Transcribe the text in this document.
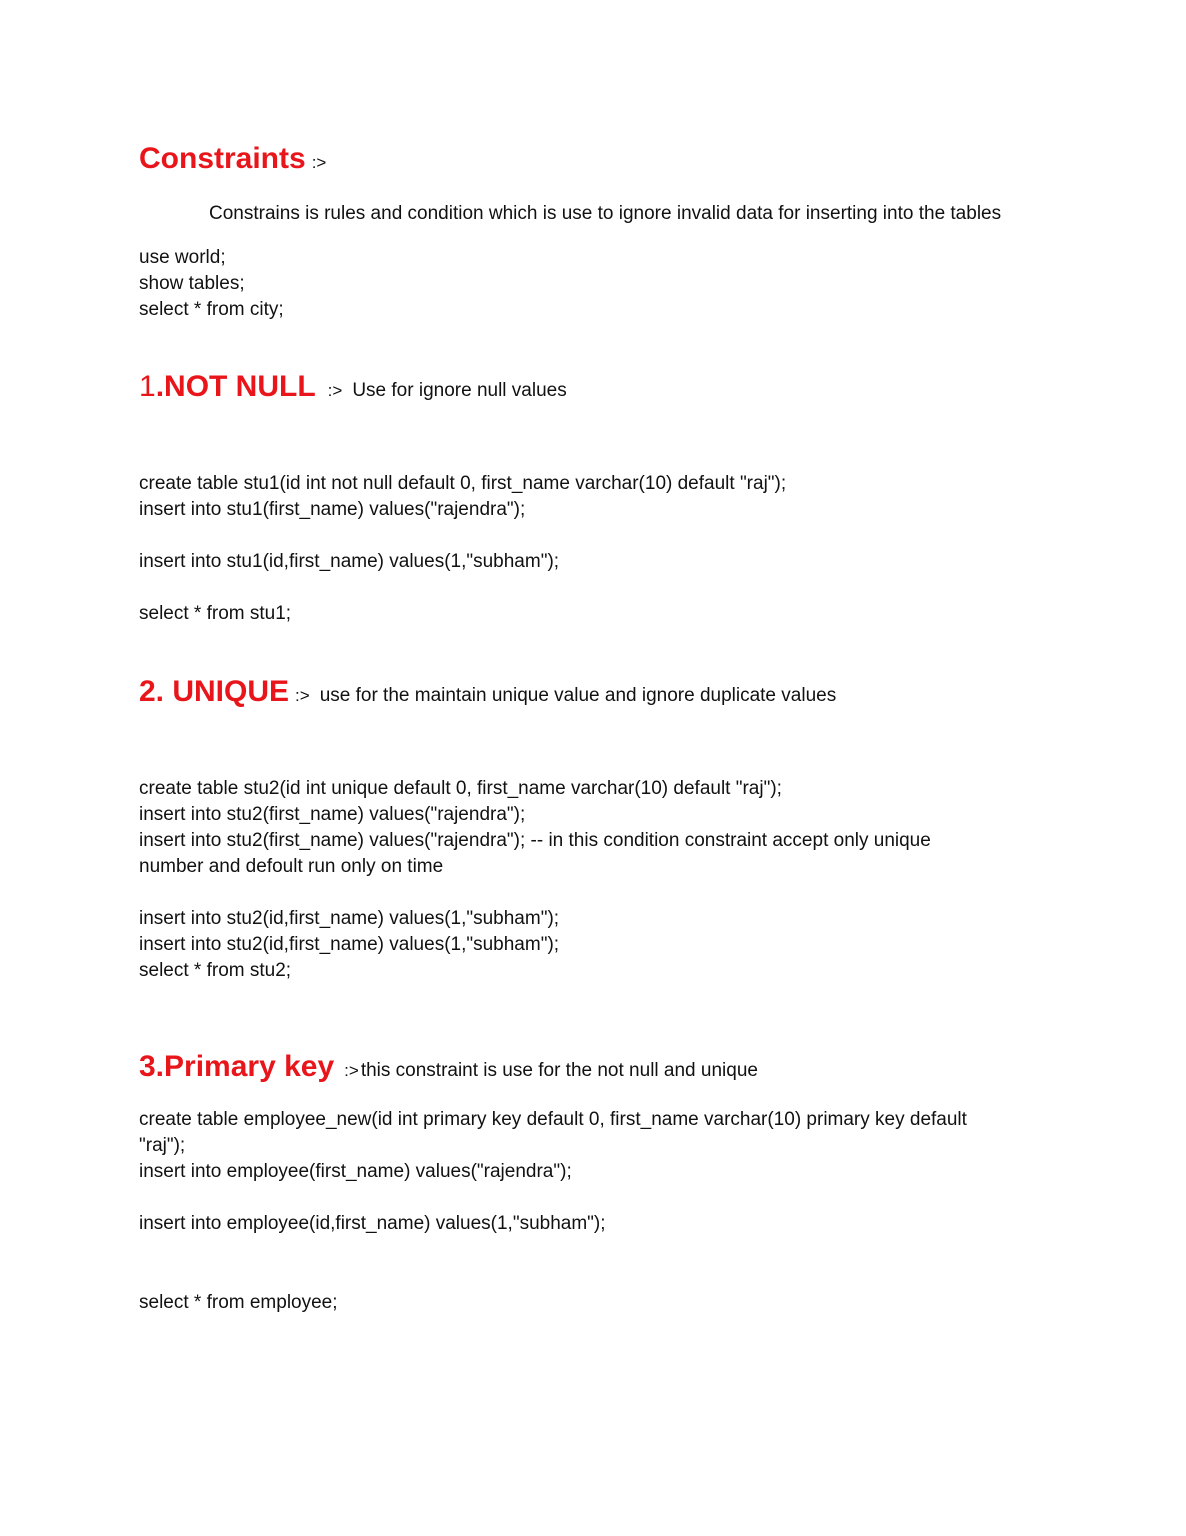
Constraints :>
Constrains is rules and condition which is use to ignore invalid data for inserting into the tables
use world;
show tables;
select * from city;
1 .NOT NULL :> Use for ignore null values
create table stu1(id int not null default 0, first_name varchar(10) default "raj");
insert into stu1(first_name) values("rajendra");
insert into stu1(id,first_name) values(1,"subham");
select * from stu1;
2. UNIQUE :> use for the maintain unique value and ignore duplicate values
create table stu2(id int unique default 0, first_name varchar(10) default "raj");
insert into stu2(first_name) values("rajendra");
insert into stu2(first_name) values("rajendra"); -- in this condition constraint accept only unique
number and defoult run only on time
insert into stu2(id,first_name) values(1,"subham");
insert into stu2(id,first_name) values(1,"subham");
select * from stu2;
3.Primary key :> this constraint is use for the not null and unique
create table employee_new(id int primary key default 0, first_name varchar(10) primary key default
"raj");
insert into employee(first_name) values("rajendra");
insert into employee(id,first_name) values(1,"subham");
select * from employee;
